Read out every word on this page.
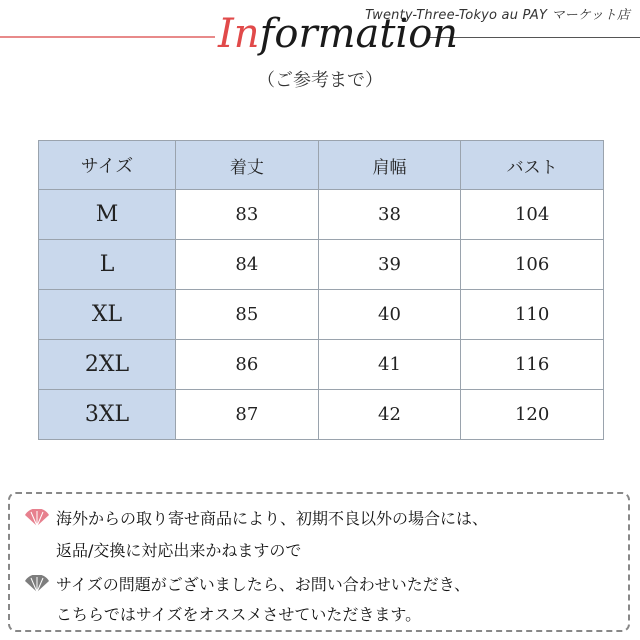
Twenty-Three-Tokyo au PAY マーケット店
Information
（ご参考まで）
サイズ	着丈	肩幅	バスト
M	83	38	104
L	84	39	106
XL	85	40	110
2XL	86	41	116
3XL	87	42	120
海外からの取り寄せ商品により、初期不良以外の場合には、
返品/交換に対応出来かねますので
サイズの問題がございましたら、お問い合わせいただき、
こちらではサイズをオススメさせていただきます。
